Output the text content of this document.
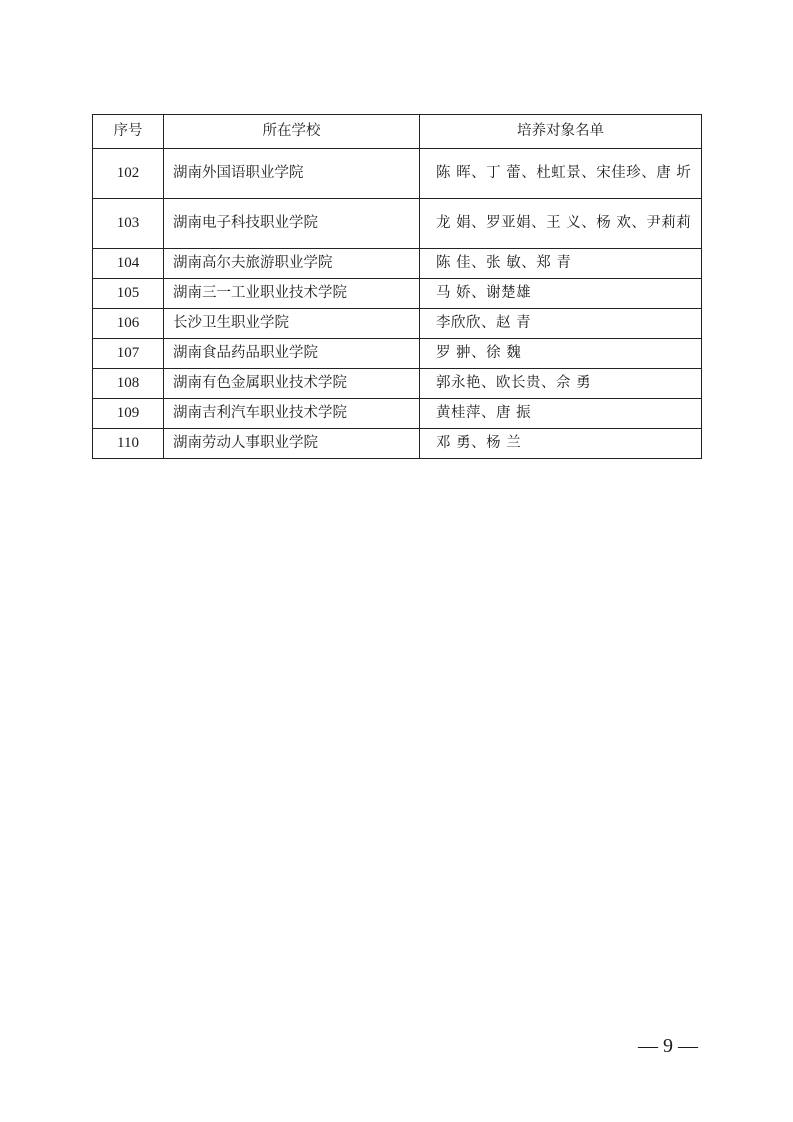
序号	所在学校	培养对象名单
102	湖南外国语职业学院	陈 晖、丁 蕾、杜虹景、宋佳珍、唐 圻
103	湖南电子科技职业学院	龙 娟、罗亚娟、王 义、杨 欢、尹莉莉
104	湖南高尔夫旅游职业学院	陈 佳、张 敏、郑 青
105	湖南三一工业职业技术学院	马 娇、谢楚雄
106	长沙卫生职业学院	李欣欣、赵 青
107	湖南食品药品职业学院	罗 翀、徐 魏
108	湖南有色金属职业技术学院	郭永艳、欧长贵、佘 勇
109	湖南吉利汽车职业技术学院	黄桂萍、唐 振
110	湖南劳动人事职业学院	邓 勇、杨 兰
— 9 —
